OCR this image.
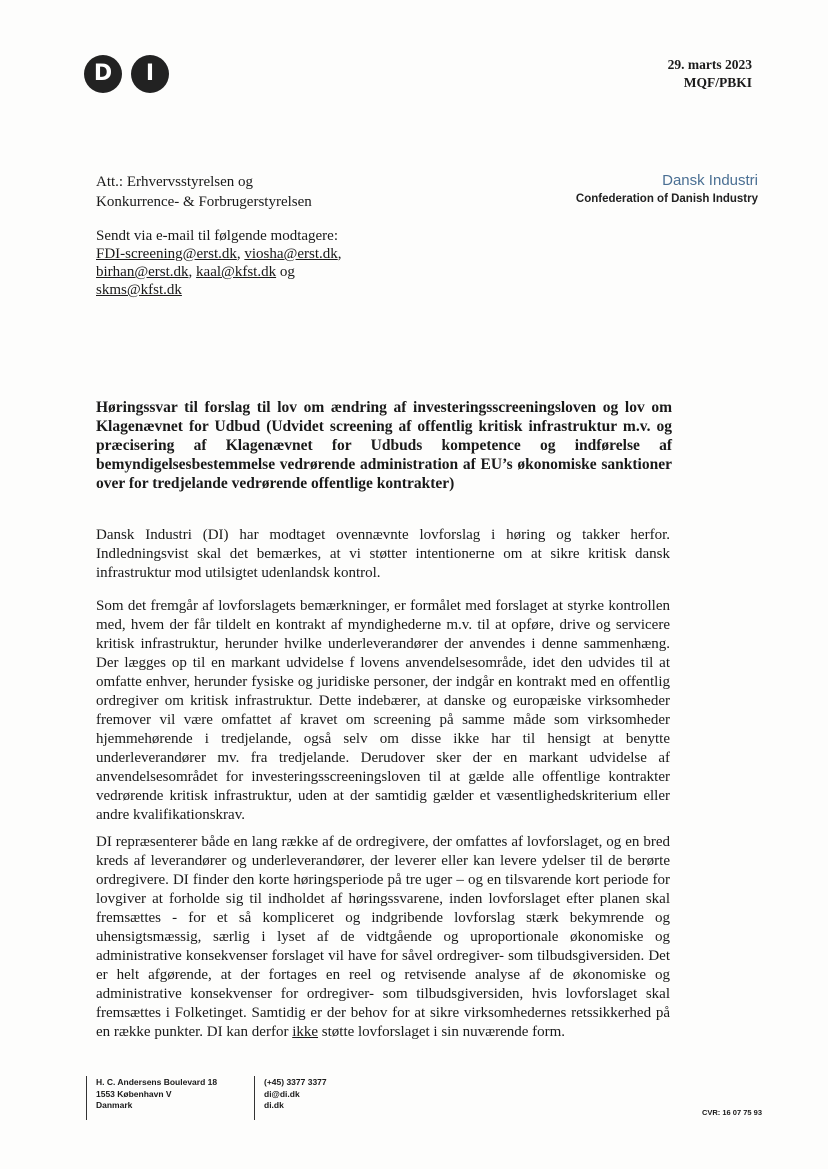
D	I	29. marts 2023
MQF/PBKI
Dansk Industri
Confederation of Danish Industry
Att.: Erhvervsstyrelsen og
Konkurrence- & Forbrugerstyrelsen
Sendt via e-mail til følgende modtagere:
FDI-screening@erst.dk, viosha@erst.dk,
birhan@erst.dk, kaal@kfst.dk og
skms@kfst.dk
Høringssvar til forslag til lov om ændring af investeringsscreeningsloven og lov om Klagenævnet for Udbud (Udvidet screening af offentlig kritisk infrastruktur m.v. og præcisering af Klagenævnet for Udbuds kompetence og indførelse af bemyndigelsesbestemmelse vedrørende administration af EU’s økonomiske sanktioner over for tredjelande vedrørende offentlige kontrakter)

Dansk Industri (DI) har modtaget ovennævnte lovforslag i høring og takker herfor. Indledningsvist skal det bemærkes, at vi støtter intentionerne om at sikre kritisk dansk infrastruktur mod utilsigtet udenlandsk kontrol.

Som det fremgår af lovforslagets bemærkninger, er formålet med forslaget at styrke kontrollen med, hvem der får tildelt en kontrakt af myndighederne m.v. til at opføre, drive og servicere kritisk infrastruktur, herunder hvilke underleverandører der anvendes i denne sammenhæng. Der lægges op til en markant udvidelse f lovens anvendelsesområde, idet den udvides til at omfatte enhver, herunder fysiske og juridiske personer, der indgår en kontrakt med en offentlig ordregiver om kritisk infrastruktur. Dette indebærer, at danske og europæiske virksomheder fremover vil være omfattet af kravet om screening på samme måde som virksomheder hjemmehørende i tredjelande, også selv om disse ikke har til hensigt at benytte underleverandører mv. fra tredjelande. Derudover sker der en markant udvidelse af anvendelsesområdet for investeringsscreeningsloven til at gælde alle offentlige kontrakter vedrørende kritisk infrastruktur, uden at der samtidig gælder et væsentlighedskriterium eller andre kvalifikationskrav.

DI repræsenterer både en lang række af de ordregivere, der omfattes af lovforslaget, og en bred kreds af leverandører og underleverandører, der leverer eller kan levere ydelser til de berørte ordregivere. DI finder den korte høringsperiode på tre uger – og en tilsvarende kort periode for lovgiver at forholde sig til indholdet af høringssvarene, inden lovforslaget efter planen skal fremsættes - for et så kompliceret og indgribende lovforslag stærk bekymrende og uhensigtsmæssig, særlig i lyset af de vidtgående og uproportionale økonomiske og administrative konsekvenser forslaget vil have for såvel ordregiver- som tilbudsgiversiden. Det er helt afgørende, at der fortages en reel og retvisende analyse af de økonomiske og administrative konsekvenser for ordregiver- som tilbudsgiversiden, hvis lovforslaget skal fremsættes i Folketinget. Samtidig er der behov for at sikre virksomhedernes retssikkerhed på en række punkter. DI kan derfor ikke støtte lovforslaget i sin nuværende form.

H. C. Andersens Boulevard 18
1553 København V
Danmark
(+45) 3377 3377
di@di.dk
di.dk
CVR: 16 07 75 93
